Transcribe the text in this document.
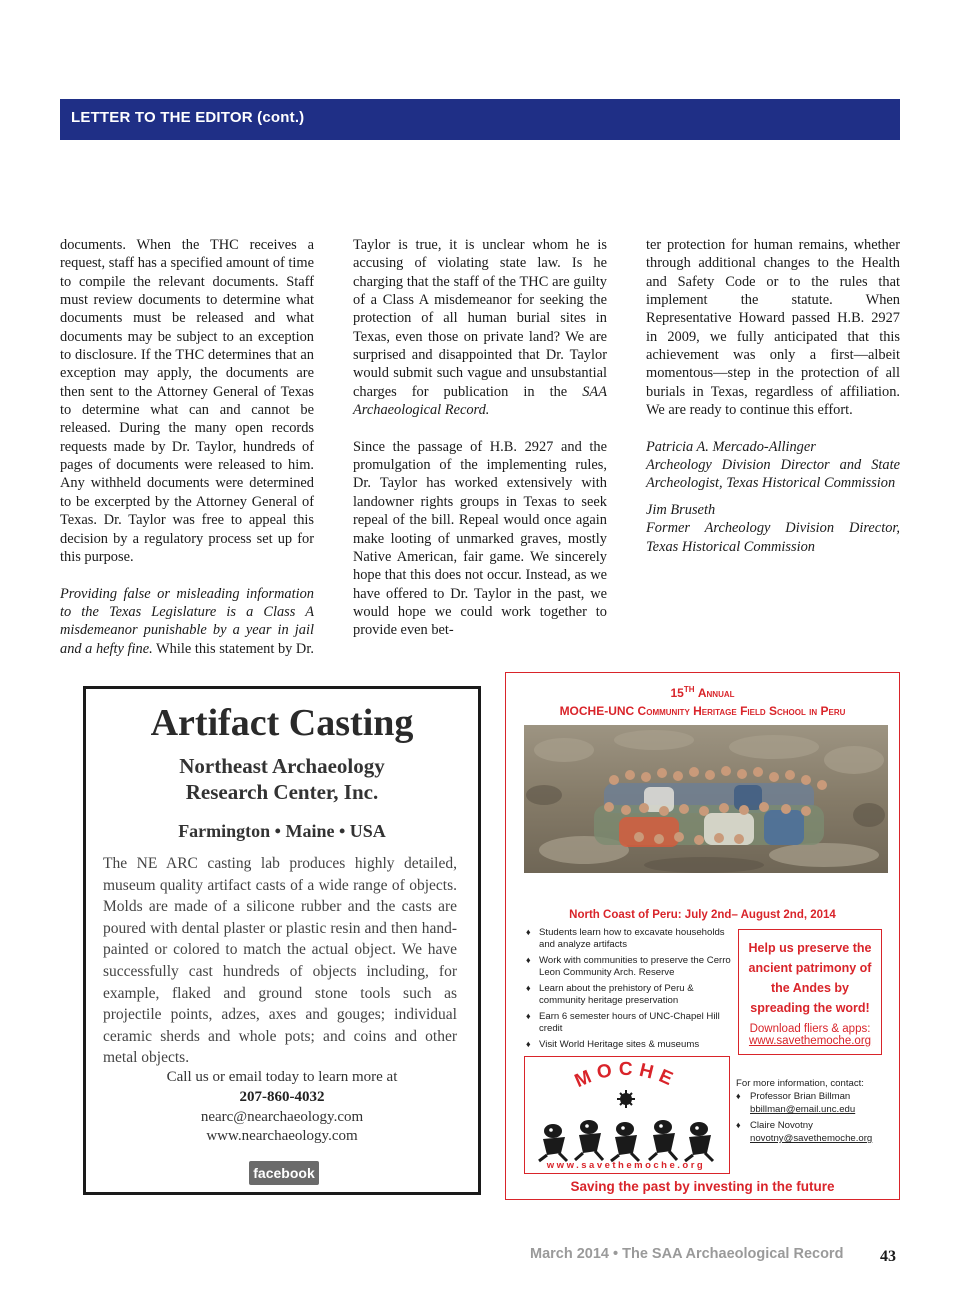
LETTER TO THE EDITOR (cont.)

documents. When the THC receives a request, staff has a specified amount of time to compile the relevant documents. Staff must review documents to determine what documents must be released and what documents may be subject to an exception to disclosure. If the THC determines that an exception may apply, the documents are then sent to the Attorney General of Texas to determine what can and cannot be released. During the many open records requests made by Dr. Taylor, hundreds of pages of documents were released to him. Any withheld documents were determined to be excerpted by the Attorney General of Texas. Dr. Taylor was free to appeal this decision by a regulatory process set up for this purpose.

Providing false or misleading information to the Texas Legislature is a Class A misdemeanor punishable by a year in jail and a hefty fine. While this statement by Dr.

Taylor is true, it is unclear whom he is accusing of violating state law. Is he charging that the staff of the THC are guilty of a Class A misdemeanor for seeking the protection of all human burial sites in Texas, even those on private land? We are surprised and disappointed that Dr. Taylor would submit such vague and unsubstantial charges for publication in the SAA Archaeological Record.

Since the passage of H.B. 2927 and the promulgation of the implementing rules, Dr. Taylor has worked extensively with landowner rights groups in Texas to seek repeal of the bill. Repeal would once again make looting of unmarked graves, mostly Native American, fair game. We sincerely hope that this does not occur. Instead, as we have offered to Dr. Taylor in the past, we would hope we could work together to provide even bet-

ter protection for human remains, whether through additional changes to the Health and Safety Code or to the rules that implement the statute. When Representative Howard passed H.B. 2927 in 2009, we fully anticipated that this achievement was only a first—albeit momentous—step in the protection of all burials in Texas, regardless of affiliation. We are ready to continue this effort.

Patricia A. Mercado-Allinger
Archeology Division Director and State Archeologist, Texas Historical Commission

Jim Bruseth
Former Archeology Division Director, Texas Historical Commission

Artifact Casting
Northeast Archaeology
Research Center, Inc.
Farmington • Maine • USA
The NE ARC casting lab produces highly detailed, museum quality artifact casts of a wide range of objects. Molds are made of a silicone rubber and the casts are poured with dental plaster or plastic resin and then hand-painted or colored to match the actual object. We have successfully cast hundreds of objects including, for example, flaked and ground stone tools such as projectile points, adzes, axes and gouges; individual ceramic sherds and whole pots; and coins and other metal objects.
Call us or email today to learn more at
207-860-4032
nearc@nearchaeology.com
www.nearchaeology.com
facebook
15TH Annual
MOCHE-UNC Community Heritage Field School in Peru
North Coast of Peru: July 2nd– August 2nd, 2014
♦ Students learn how to excavate households and analyze artifacts
♦ Work with communities to preserve the Cerro Leon Community Arch. Reserve
♦ Learn about the prehistory of Peru & community heritage preservation
♦ Earn 6 semester hours of UNC-Chapel Hill credit
♦ Visit World Heritage sites & museums
Help us preserve the
ancient patrimony of
the Andes by
spreading the word!
Download fliers & apps:
www.savethemoche.org
MOCHE
www.savethemoche.org
For more information, contact:
♦ Professor Brian Billman
bbillman@email.unc.edu
♦ Claire Novotny
novotny@savethemoche.org
Saving the past by investing in the future
March 2014 • The SAA Archaeological Record 43
